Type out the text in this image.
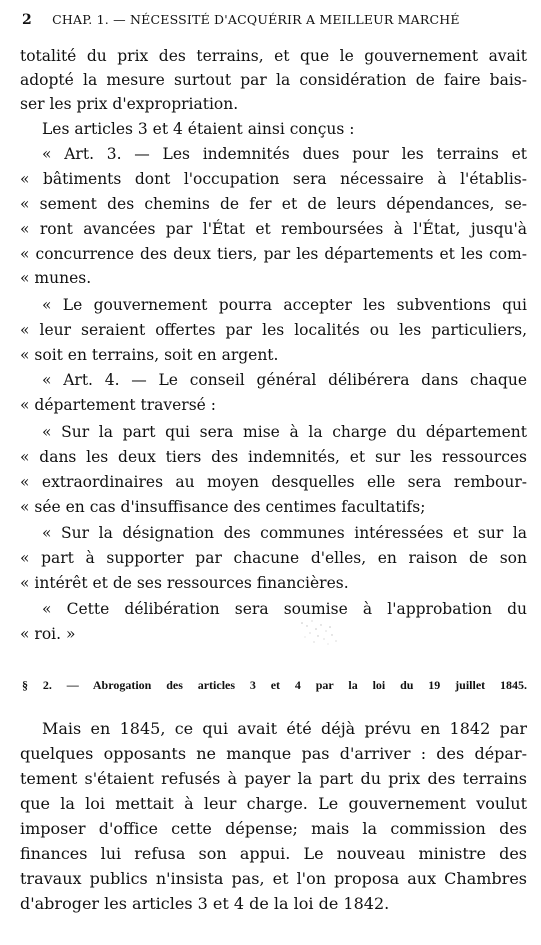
2 CHAP. 1. — NÉCESSITÉ D'ACQUÉRIR A MEILLEUR MARCHÉ
totalité du prix des terrains, et que le gouvernement avait
adopté la mesure surtout par la considération de faire bais-
ser les prix d'expropriation.
Les articles 3 et 4 étaient ainsi conçus :
« Art. 3. — Les indemnités dues pour les terrains et
« bâtiments dont l'occupation sera nécessaire à l'établis-
« sement des chemins de fer et de leurs dépendances, se-
« ront avancées par l'État et remboursées à l'État, jusqu'à
« concurrence des deux tiers, par les départements et les com-
« munes.
« Le gouvernement pourra accepter les subventions qui
« leur seraient offertes par les localités ou les particuliers,
« soit en terrains, soit en argent.
« Art. 4. — Le conseil général délibérera dans chaque
« département traversé :
« Sur la part qui sera mise à la charge du département
« dans les deux tiers des indemnités, et sur les ressources
« extraordinaires au moyen desquelles elle sera rembour-
« sée en cas d'insuffisance des centimes facultatifs;
« Sur la désignation des communes intéressées et sur la
« part à supporter par chacune d'elles, en raison de son
« intérêt et de ses ressources financières.
« Cette délibération sera soumise à l'approbation du
« roi. »
§ 2. — Abrogation des articles 3 et 4 par la loi du 19 juillet 1845.
Mais en 1845, ce qui avait été déjà prévu en 1842 par
quelques opposants ne manque pas d'arriver : des dépar-
tement s'étaient refusés à payer la part du prix des terrains
que la loi mettait à leur charge. Le gouvernement voulut
imposer d'office cette dépense; mais la commission des
finances lui refusa son appui. Le nouveau ministre des
travaux publics n'insista pas, et l'on proposa aux Chambres
d'abroger les articles 3 et 4 de la loi de 1842.
